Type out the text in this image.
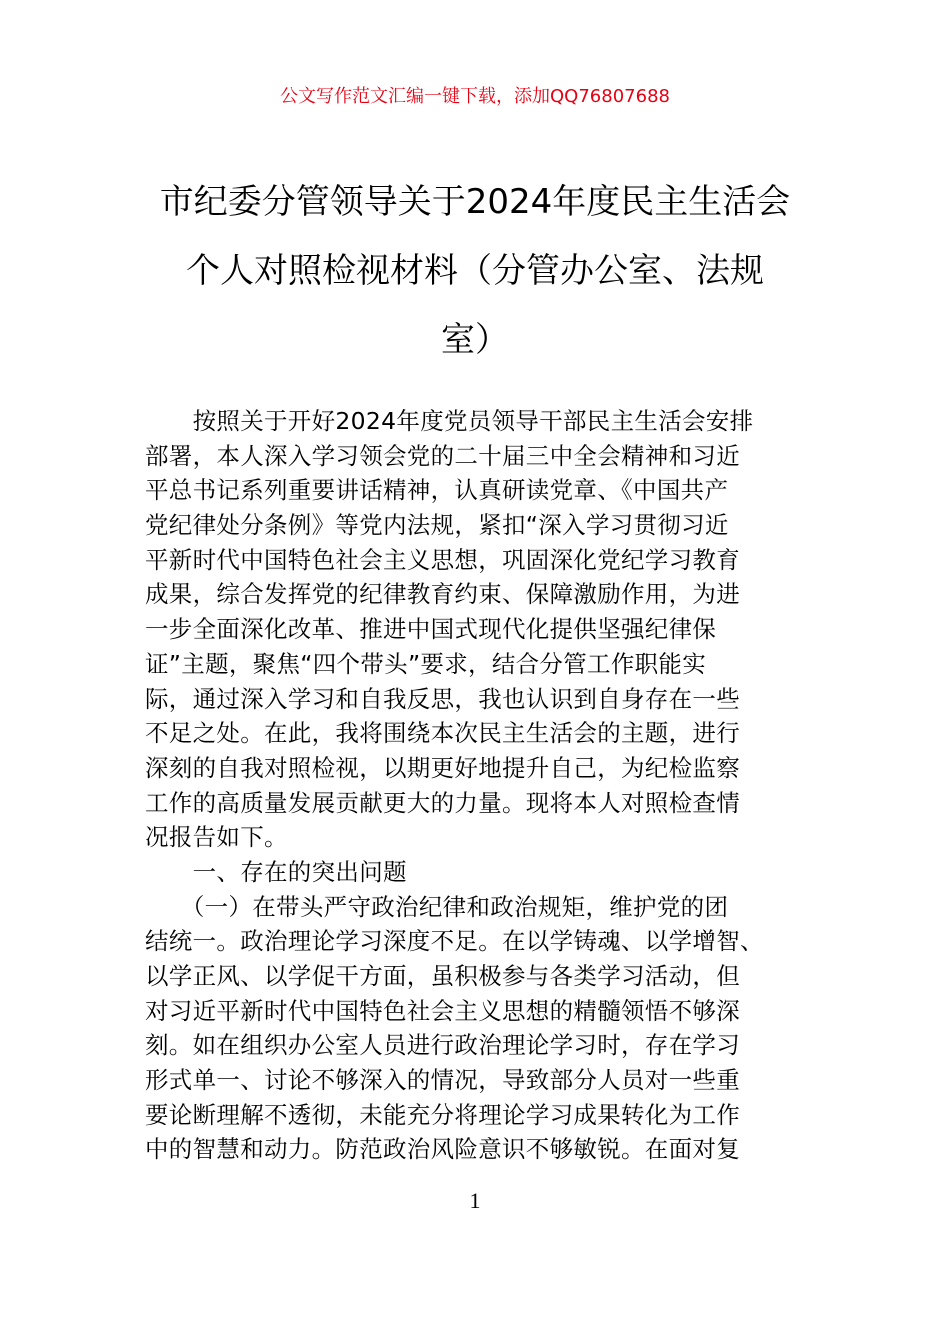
公文写作范文汇编一键下载，添加QQ76807688
市纪委分管领导关于2024年度民主生活会
个人对照检视材料（分管办公室、法规
室）
　　按照关于开好2024年度党员领导干部民主生活会安排
部署，本人深入学习领会党的二十届三中全会精神和习近
平总书记系列重要讲话精神，认真研读党章、《中国共产
党纪律处分条例》等党内法规，紧扣“深入学习贯彻习近
平新时代中国特色社会主义思想，巩固深化党纪学习教育
成果，综合发挥党的纪律教育约束、保障激励作用，为进
一步全面深化改革、推进中国式现代化提供坚强纪律保
证”主题，聚焦“四个带头”要求，结合分管工作职能实
际，通过深入学习和自我反思，我也认识到自身存在一些
不足之处。在此，我将围绕本次民主生活会的主题，进行
深刻的自我对照检视，以期更好地提升自己，为纪检监察
工作的高质量发展贡献更大的力量。现将本人对照检查情
况报告如下。
　　一、存在的突出问题
　　（一）在带头严守政治纪律和政治规矩，维护党的团
结统一。政治理论学习深度不足。在以学铸魂、以学增智、
以学正风、以学促干方面，虽积极参与各类学习活动，但
对习近平新时代中国特色社会主义思想的精髓领悟不够深
刻。如在组织办公室人员进行政治理论学习时，存在学习
形式单一、讨论不够深入的情况，导致部分人员对一些重
要论断理解不透彻，未能充分将理论学习成果转化为工作
中的智慧和动力。防范政治风险意识不够敏锐。在面对复
1
